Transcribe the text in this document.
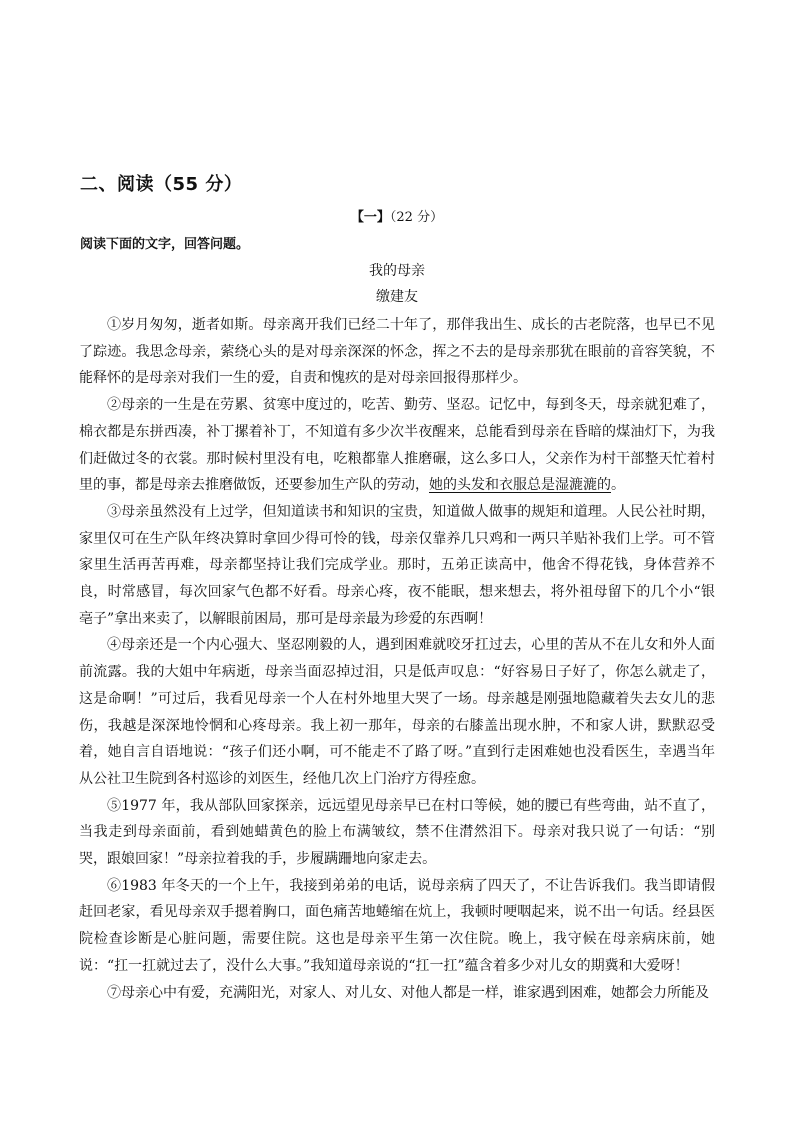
二、阅读（55 分）
【一】（22 分）
阅读下面的文字，回答问题。
我的母亲
缴建友

①岁月匆匆，逝者如斯。母亲离开我们已经二十年了，那伴我出生、成长的古老院落，也早已不见了踪迹。我思念母亲，萦绕心头的是对母亲深深的怀念，挥之不去的是母亲那犹在眼前的音容笑貌，不能释怀的是母亲对我们一生的爱，自责和愧疚的是对母亲回报得那样少。

②母亲的一生是在劳累、贫寒中度过的，吃苦、勤劳、坚忍。记忆中，每到冬天，母亲就犯难了，棉衣都是东拼西凑，补丁摞着补丁，不知道有多少次半夜醒来，总能看到母亲在昏暗的煤油灯下，为我们赶做过冬的衣裳。那时候村里没有电，吃粮都靠人推磨碾，这么多口人，父亲作为村干部整天忙着村里的事，都是母亲去推磨做饭，还要参加生产队的劳动，她的头发和衣服总是湿漉漉的。

③母亲虽然没有上过学，但知道读书和知识的宝贵，知道做人做事的规矩和道理。人民公社时期，家里仅可在生产队年终决算时拿回少得可怜的钱，母亲仅靠养几只鸡和一两只羊贴补我们上学。可不管家里生活再苦再难，母亲都坚持让我们完成学业。那时，五弟正读高中，他舍不得花钱，身体营养不良，时常感冒，每次回家气色都不好看。母亲心疼，夜不能眠，想来想去，将外祖母留下的几个小“银亳子”拿出来卖了，以解眼前困局，那可是母亲最为珍爱的东西啊！

④母亲还是一个内心强大、坚忍刚毅的人，遇到困难就咬牙扛过去，心里的苦从不在儿女和外人面前流露。我的大姐中年病逝，母亲当面忍掉过泪，只是低声叹息：“好容易日子好了，你怎么就走了，这是命啊！”可过后，我看见母亲一个人在村外地里大哭了一场。母亲越是刚强地隐藏着失去女儿的悲伤，我越是深深地怜惘和心疼母亲。我上初一那年，母亲的右膝盖出现水肿，不和家人讲，默默忍受着，她自言自语地说：“孩子们还小啊，可不能走不了路了呀。”直到行走困难她也没看医生，幸遇当年从公社卫生院到各村巡诊的刘医生，经他几次上门治疗方得痊愈。

⑤1977 年，我从部队回家探亲，远远望见母亲早已在村口等候，她的腰已有些弯曲，站不直了，当我走到母亲面前，看到她蜡黄色的脸上布满皱纹，禁不住潸然泪下。母亲对我只说了一句话：“别哭，跟娘回家！”母亲拉着我的手，步履蹒跚地向家走去。

⑥1983 年冬天的一个上午，我接到弟弟的电话，说母亲病了四天了，不让告诉我们。我当即请假赶回老家，看见母亲双手摁着胸口，面色痛苦地蜷缩在炕上，我顿时哽咽起来，说不出一句话。经县医院检查诊断是心脏问题，需要住院。这也是母亲平生第一次住院。晚上，我守候在母亲病床前，她说：“扛一扛就过去了，没什么大事。”我知道母亲说的“扛一扛”蕴含着多少对儿女的期冀和大爱呀！

⑦母亲心中有爱，充满阳光，对家人、对儿女、对他人都是一样，谁家遇到困难，她都会力所能及
